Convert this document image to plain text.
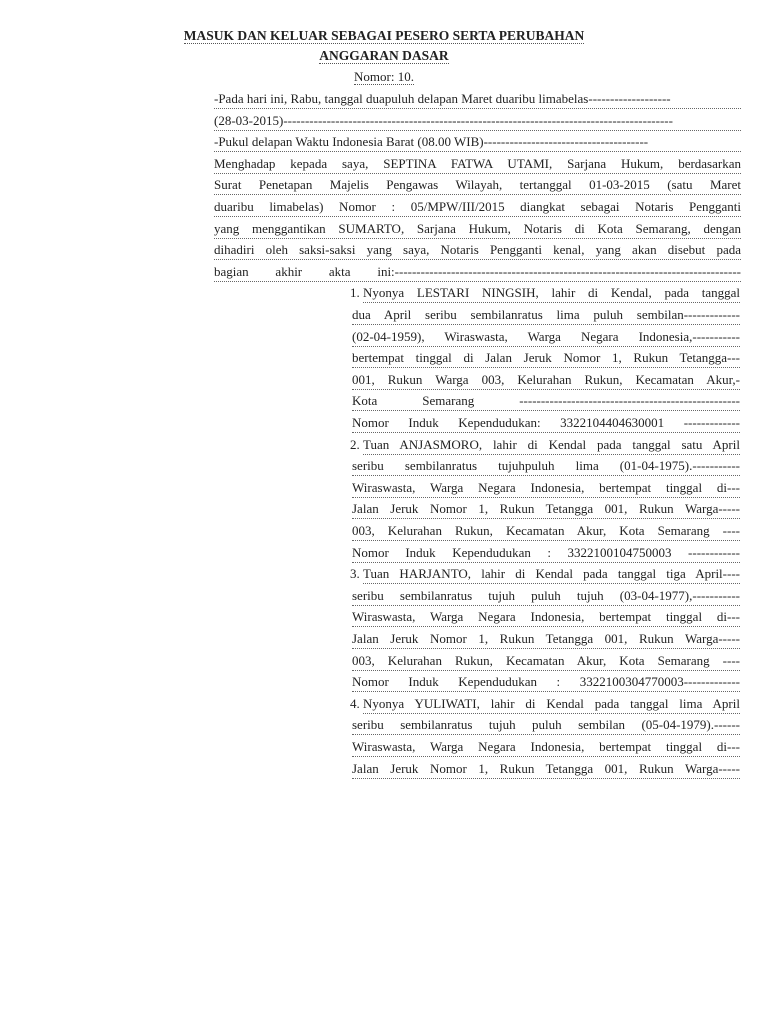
MASUK DAN KELUAR SEBAGAI PESERO SERTA PERUBAHAN
ANGGARAN DASAR
Nomor: 10.
-Pada hari ini, Rabu, tanggal duapuluh delapan Maret duaribu limabelas-------------------
(28-03-2015)------------------------------------------------------------------------------------------
-Pukul delapan Waktu Indonesia Barat (08.00 WIB)--------------------------------------
Menghadap kepada saya, SEPTINA FATWA UTAMI, Sarjana Hukum, berdasarkan
Surat Penetapan Majelis Pengawas Wilayah, tertanggal 01-03-2015 (satu Maret
duaribu limabelas) Nomor : 05/MPW/III/2015 diangkat sebagai Notaris Pengganti
yang menggantikan SUMARTO, Sarjana Hukum, Notaris di Kota Semarang, dengan
dihadiri oleh saksi-saksi yang saya, Notaris Pengganti kenal, yang akan disebut pada
bagian akhir akta ini:--------------------------------------------------------------------------------
1. Nyonya LESTARI NINGSIH, lahir di Kendal, pada tanggal
dua April seribu sembilanratus lima puluh sembilan-------------
(02-04-1959), Wiraswasta, Warga Negara Indonesia,-----------
bertempat tinggal di Jalan Jeruk Nomor 1, Rukun Tetangga---
001, Rukun Warga 003, Kelurahan Rukun, Kecamatan Akur,-
Kota Semarang ---------------------------------------------------
Nomor Induk Kependudukan: 3322104404630001 -------------
2. Tuan ANJASMORO, lahir di Kendal pada tanggal satu April
seribu sembilanratus tujuhpuluh lima (01-04-1975).-----------
Wiraswasta, Warga Negara Indonesia, bertempat tinggal di---
Jalan Jeruk Nomor 1, Rukun Tetangga 001, Rukun Warga-----
003, Kelurahan Rukun, Kecamatan Akur, Kota Semarang ----
Nomor Induk Kependudukan : 3322100104750003 ------------
3. Tuan HARJANTO, lahir di Kendal pada tanggal tiga April----
seribu sembilanratus tujuh puluh tujuh (03-04-1977),-----------
Wiraswasta, Warga Negara Indonesia, bertempat tinggal di---
Jalan Jeruk Nomor 1, Rukun Tetangga 001, Rukun Warga-----
003, Kelurahan Rukun, Kecamatan Akur, Kota Semarang ----
Nomor Induk Kependudukan : 3322100304770003-------------
4. Nyonya YULIWATI, lahir di Kendal pada tanggal lima April
seribu sembilanratus tujuh puluh sembilan (05-04-1979).------
Wiraswasta, Warga Negara Indonesia, bertempat tinggal di---
Jalan Jeruk Nomor 1, Rukun Tetangga 001, Rukun Warga-----
